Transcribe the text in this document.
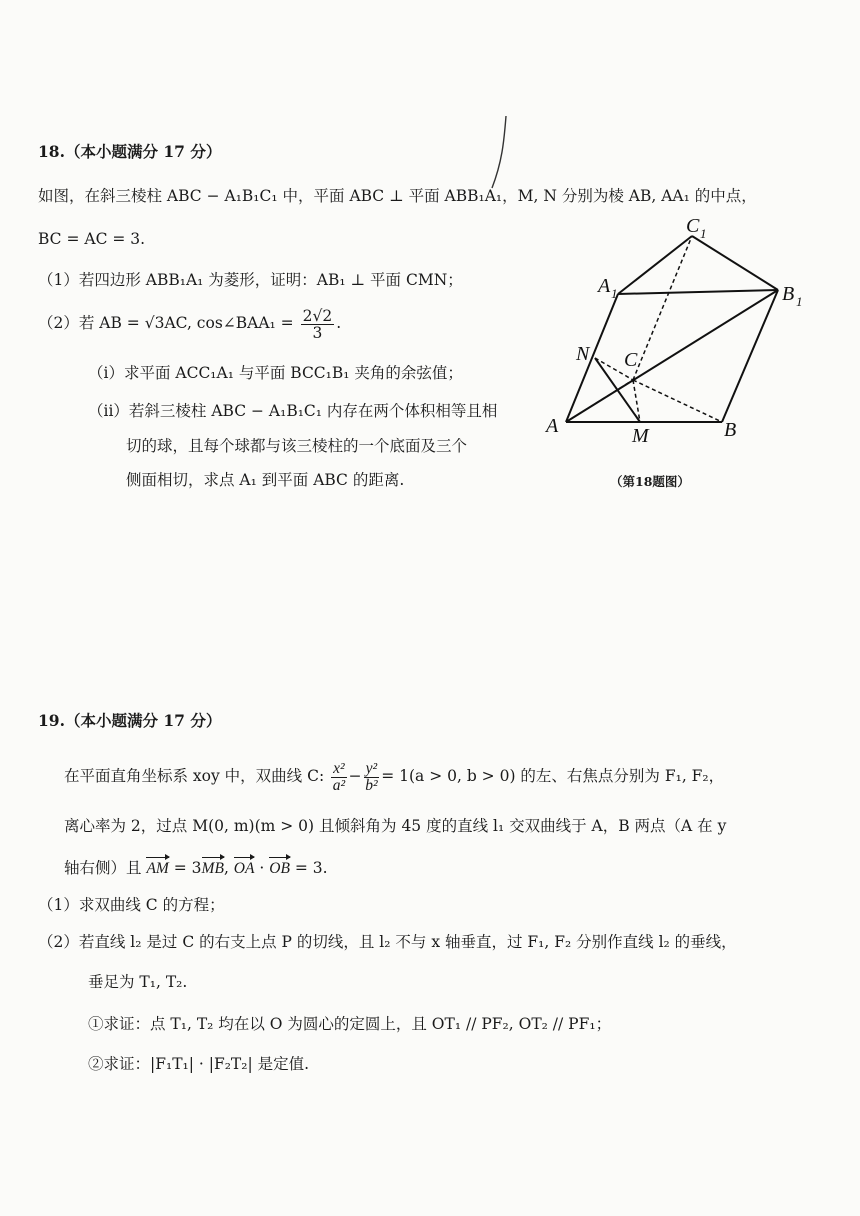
18.（本小题满分 17 分）
如图，在斜三棱柱 ABC − A₁B₁C₁ 中，平面 ABC ⊥ 平面 ABB₁A₁，M, N 分别为棱 AB, AA₁ 的中点，
BC = AC = 3.
（1）若四边形 ABB₁A₁ 为菱形，证明：AB₁ ⊥ 平面 CMN；
（2）若 AB = √3AC, cos∠BAA₁ = $\frac{2√2}{3}$ .
（i）求平面 ACC₁A₁ 与平面 BCC₁B₁ 夹角的余弦值；
（ii）若斜三棱柱 ABC − A₁B₁C₁ 内存在两个体积相等且相
切的球，且每个球都与该三棱柱的一个底面及三个
侧面相切，求点 A₁ 到平面 ABC 的距离.
C 1
A 1	B 1
N C
A	M	B
（第18题图）
19.（本小题满分 17 分）
在平面直角坐标系 xoy 中，双曲线 C: $\frac{\text{x²}}{\text{a²}} - \frac{\text{y²}}{\text{b²}} = 1(a > 0$, b > 0) 的左、右焦点分别为 F₁, F₂，
离心率为 2，过点 M(0, m)(m > 0) 且倾斜角为 45 度的直线 l₁ 交双曲线于 A，B 两点（A 在 y
轴右侧）且 AM = 3MB, OA · OB = 3.
（1）求双曲线 C 的方程；
（2）若直线 l₂ 是过 C 的右支上点 P 的切线，且 l₂ 不与 x 轴垂直，过 F₁, F₂ 分别作直线 l₂ 的垂线，
垂足为 T₁, T₂.
①求证：点 T₁, T₂ 均在以 O 为圆心的定圆上，且 OT₁ // PF₂, OT₂ // PF₁；
②求证：|F₁T₁| · |F₂T₂| 是定值.
